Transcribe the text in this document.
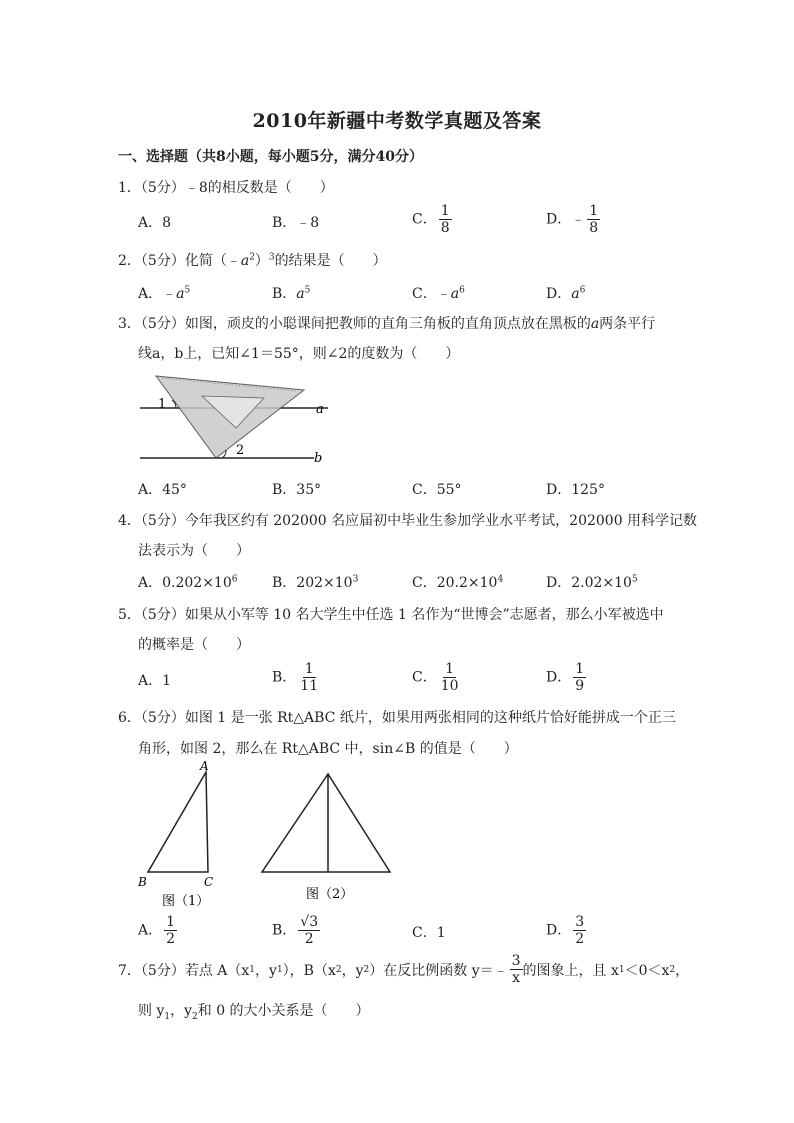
2010年新疆中考数学真题及答案
一、选择题（共8小题，每小题5分，满分40分）
1．（5分）﹣8的相反数是（　　）
A．8	B．﹣8	C． $\frac{1}{8}$	D．﹣ $\frac{1}{8}$
2．（5分）化简$(﹣a^2)^3$的结果是（　　）
A．$﹣a^5$	B．$a^5$	C．$﹣a^6$	D．$a^6$
3．（5分）如图，顽皮的小聪课间把教师的直角三角板的直角顶点放在黑板的a两条平行
线a，b上，已知∠1＝55°，则∠2的度数为（　　）
1
2
a
b
A．45°	B．35°	C．55°	D．125°
4．（5分）今年我区约有 202000 名应届初中毕业生参加学业水平考试，202000 用科学记数
法表示为（　　）
A．$0.202\times 10^6$ B．$202\times 10^3$	C．$20.2\times 10^4$	D．$2.02\times 10^5$
5．（5分）如果从小军等 10 名大学生中任选 1 名作为“世博会”志愿者，那么小军被选中
的概率是（　　）
A．1	B． $\frac{1}{11}$	C． $\frac{1}{10}$	D． $\frac{1}{9}$
6．（5分）如图 1 是一张 Rt△ABC 纸片，如果用两张相同的这种纸片恰好能拼成一个正三
角形，如图 2，那么在 Rt△ABC 中，sin∠B 的值是（　　）
A
B	C
图（1）	图（2）
A． $\frac{1}{2}$	B． $\frac{√3}{2}$	C．1	D． $\frac{3}{2}$
7．（5分）若点 A（x 1 ，y 1 ），B（x 2 ，y 2 ）在反比例函数 y＝﹣ $\frac{3}{x}$ 的图象上，且 x 1 ＜0＜x 2 ，
则 $y_1$，$y_2$和 0 的大小关系是（　　）
